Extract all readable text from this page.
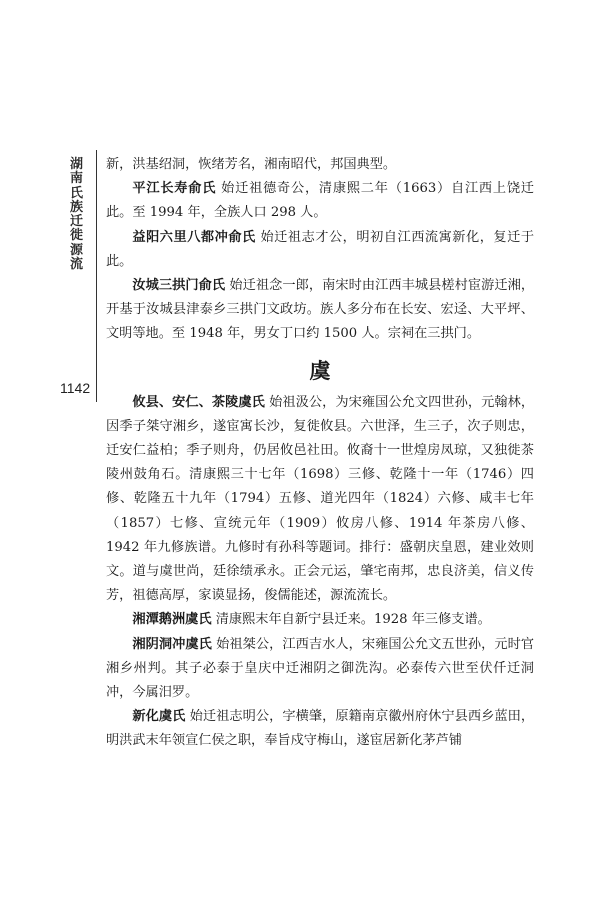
湖南氏族迁徙源流
1142

新，洪基绍洞，恢绪芳名，湘南昭代，邦国典型。

平江长寿俞氏 始迁祖德奇公，清康熙二年（1663）自江西上饶迁此。至 1994 年，全族人口 298 人。

益阳六里八都冲俞氏 始迁祖志才公，明初自江西流寓新化，复迁于此。

汝城三拱门俞氏 始迁祖念一郎，南宋时由江西丰城县槎村宦游迁湘，开基于汝城县津泰乡三拱门文政坊。族人多分布在长安、宏迳、大平坪、文明等地。至 1948 年，男女丁口约 1500 人。宗祠在三拱门。

虞

攸县、安仁、茶陵虞氏 始祖汲公，为宋雍国公允文四世孙，元翰林，因季子桀守湘乡，遂宦寓长沙，复徙攸县。六世泽，生三子，次子则忠，迁安仁益柏；季子则舟，仍居攸邑社田。攸裔十一世煌房凤琼，又独徙茶陵州鼓角石。清康熙三十七年（1698）三修、乾隆十一年（1746）四修、乾隆五十九年（1794）五修、道光四年（1824）六修、咸丰七年（1857）七修、宣统元年（1909）攸房八修、1914 年茶房八修、1942 年九修族谱。九修时有孙科等题词。排行：盛朝庆皇恩，建业效则文。道与虞世尚，廷徐绩承永。正会元运，肇宅南邦，忠良济美，信义传芳，祖德高厚，家谟显扬，俊儒能述，源流流长。

湘潭鹅洲虞氏 清康熙末年自新宁县迁来。1928 年三修支谱。

湘阴洞冲虞氏 始祖桀公，江西吉水人，宋雍国公允文五世孙，元时官湘乡州判。其子必泰于皇庆中迁湘阴之御洗沟。必泰传六世至伏仟迁洞冲，今属汨罗。

新化虞氏 始迁祖志明公，字横肇，原籍南京徽州府休宁县西乡蓝田，明洪武末年领宣仁侯之职，奉旨戍守梅山，遂宦居新化茅芦铺
